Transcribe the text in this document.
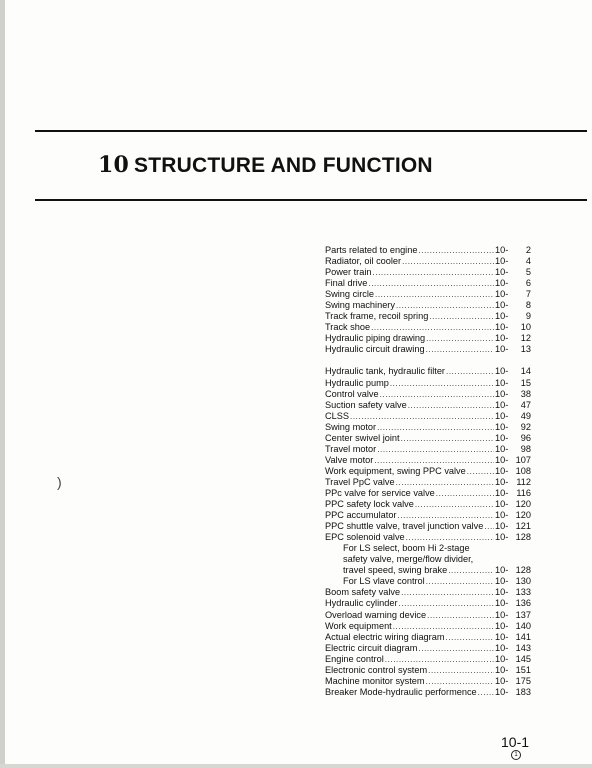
10 STRUCTURE AND FUNCTION
)
Parts related to engine .....	10-	2
Radiator, oil cooler .....	10-	4
Power train .....	10-	5
Final drive .....	10-	6
Swing circle .....	10-	7
Swing machinery .....	10-	8
Track frame, recoil spring .....	10-	9
Track shoe .....	10-	10
Hydraulic piping drawing .....	10-	12
Hydraulic circuit drawing .....	10-	13
Hydraulic tank, hydraulic filter .....	10-	14
Hydraulic pump .....	10-	15
Control valve .....	10-	38
Suction safety valve .....	10-	47
CLSS .....	10-	49
Swing motor .....	10-	92
Center swivel joint .....	10-	96
Travel motor .....	10-	98
Valve motor .....	10- 107
Work equipment, swing PPC valve .....	10- 108
Travel PpC valve .....	10- 112
PPc valve for service valve .....	10- 116
PPC safety lock valve .....	10- 120
PPC accumulator .....	10- 120
PPC shuttle valve, travel junction valve ..... 10- 121
EPC solenoid valve .....	10- 128
For LS select, boom Hi 2-stage
safety valve, merge/flow divider,
travel speed, swing brake .....	10- 128
For LS vlave control .....	10- 130
Boom safety valve .....	10- 133
Hydraulic cylinder .....	10- 136
Overload warning device .....	10- 137
Work equipment .....	10- 140
Actual electric wiring diagram .....	10- 141
Electric circuit diagram .....	10- 143
Engine control .....	10- 145
Electronic control system .....	10- 151
Machine monitor system .....	10- 175
Breaker Mode-hydraulic performence ..... 10- 183
10-1
1
